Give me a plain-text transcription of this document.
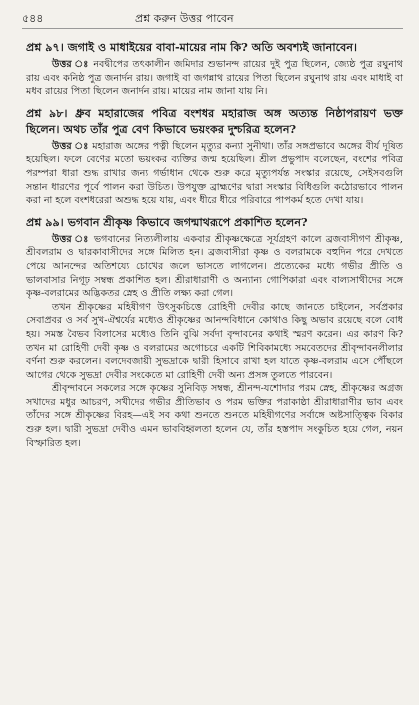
৫৪৪	প্রশ্ন করুন উত্তর পাবেন
প্রশ্ন ৯৭। জগাই ও মাধাইয়ের বাবা-মায়ের নাম কি? অতি অবশ্যই জানাবেন।

উত্তর ঃ নবদ্বীপের তৎকালীন জমিদার শুভানন্দ রায়ের দুই পুত্র ছিলেন, জ্যেষ্ঠ পুত্র রঘুনাথ রায় এবং কনিষ্ঠ পুত্র জনার্দন রায়। জগাই বা জগন্নাথ রায়ের পিতা ছিলেন রঘুনাথ রায় এবং মাধাই বা মধব রায়ের পিতা ছিলেন জনার্দন রায়। মায়ের নাম জানা যায় নি।

প্রশ্ন ৯৮। ধ্রুব মহারাজের পবিত্র বংশধর মহারাজ অঙ্গ অত্যন্ত নিষ্ঠাপরায়ণ ভক্ত ছিলেন। অথচ তাঁর পুত্র বেণ কিভাবে ভয়ংকর দুশ্চরিত্র হলেন?

উত্তর ঃ মহারাজ অঙ্গের পত্নী ছিলেন মৃত্যুর কন্যা সুনীথা। তাঁর সঙ্গপ্রভাবে অঙ্গের বীর্য দূষিত হয়েছিল। ফলে বেণের মতো ভয়ংকর ব্যক্তির জন্ম হয়েছিল। শ্রীল প্রভুপাদ বলেছেন, বংশের পবিত্র পরম্পরা ধারা শুদ্ধ রাখার জন্য গর্ভাধান থেকে শুরু করে মৃত্যুপর্যন্ত সংস্কার রয়েছে, সেইসবগুলি সন্তান ধারণের পূর্বে পালন করা উচিত। উপযুক্ত ব্রাহ্মণের দ্বারা সংস্কার বিধিগুলি কঠোরভাবে পালন করা না হলে বংশধরেরা অশুদ্ধ হয়ে যায়, এবং ধীরে ধীরে পরিবারে পাপকর্ম হতে দেখা যায়।

প্রশ্ন ৯৯। ভগবান শ্রীকৃষ্ণ কিভাবে জগন্মাথরূপে প্রকাশিত হলেন?

উত্তর ঃ ভগবানের নিত্যলীলায় একবার শ্রীকৃষ্ণক্ষেত্রে সূর্যগ্রহণ কালে ব্রজবাসীগণ শ্রীকৃষ্ণ, শ্রীবলরাম ও দ্বারকাবাসীদের সঙ্গে মিলিত হন। ব্রজবাসীরা কৃষ্ণ ও বলরামকে বহুদিন পরে দেখতে পেয়ে আনন্দের অতিশয্যে চোখের জলে ভাসতে লাগলেন। প্রত্যেকের মধ্যে গভীর প্রীতি ও ভালবাসার নিগূঢ় সম্বন্ধ প্রকাশিত হল। শ্রীরাধারাণী ও অন্যান্য গোপিকারা এবং বাল্যসাথীদের সঙ্গে কৃষ্ণ-বলরামের অদ্ভিকতর স্নেহ ও প্রীতি লক্ষ্য করা গেল।

তখন শ্রীকৃষ্ণের মহিষীগণ উৎসুকচিত্তে রোহিণী দেবীর কাছে জানতে চাইলেন, সর্বপ্রকার সেবাপ্রবর ও সর্ব সুখ-ঐশ্বর্যের মধ্যেও শ্রীকৃষ্ণের আনন্দবিধানে কোথাও কিছু অভাব রয়েছে বলে বোধ হয়। সমস্ত বৈভব বিলাসের মধ্যেও তিনি বুঝি সর্বদা বৃন্দাবনের কথাই স্মরণ করেন। এর কারণ কি? তখন মা রোহিণী দেবী কৃষ্ণ ও বলরামের অগোচরে একটি শিবিকামধ্যে সমবেতদের শ্রীবৃন্দাবনলীলার বর্ণনা শুরু করলেন। বলদেবজায়ী সুভদ্রাকে দ্বারী হিসাবে রাখা হল যাতে কৃষ্ণ-বলরাম এসে পৌঁছলে আগের থেকে সুভদ্রা দেবীর সংকেতে মা রোহিণী দেবী অন্য প্রসঙ্গ তুলতে পারবেন।

শ্রীবৃন্দাবনে সকলের সঙ্গে কৃষ্ণের সুনিবিড় সম্বন্ধ, শ্রীনন্দ-যশোদার পরম স্নেহ, শ্রীকৃষ্ণের অগ্রজ সখাদের মধুর আচরণ, সখীদের গভীর প্রীতিভাব ও পরম ভক্তির পরাকাষ্ঠা শ্রীরাধারাণীর ভাব এবং তাঁদের সঙ্গে শ্রীকৃষ্ণের বিরহ—এই সব কথা শুনতে শুনতে মহিষীগণের সর্বাঙ্গে অষ্টসাত্ত্বিক বিকার শুরু হল। দ্বারী সুভদ্রা দেবীও এমন ভাববিহ্বলতা হলেন যে, তাঁর হস্তপাদ সংকুচিত হয়ে গেল, নয়ন বিস্ফারিত হল।
